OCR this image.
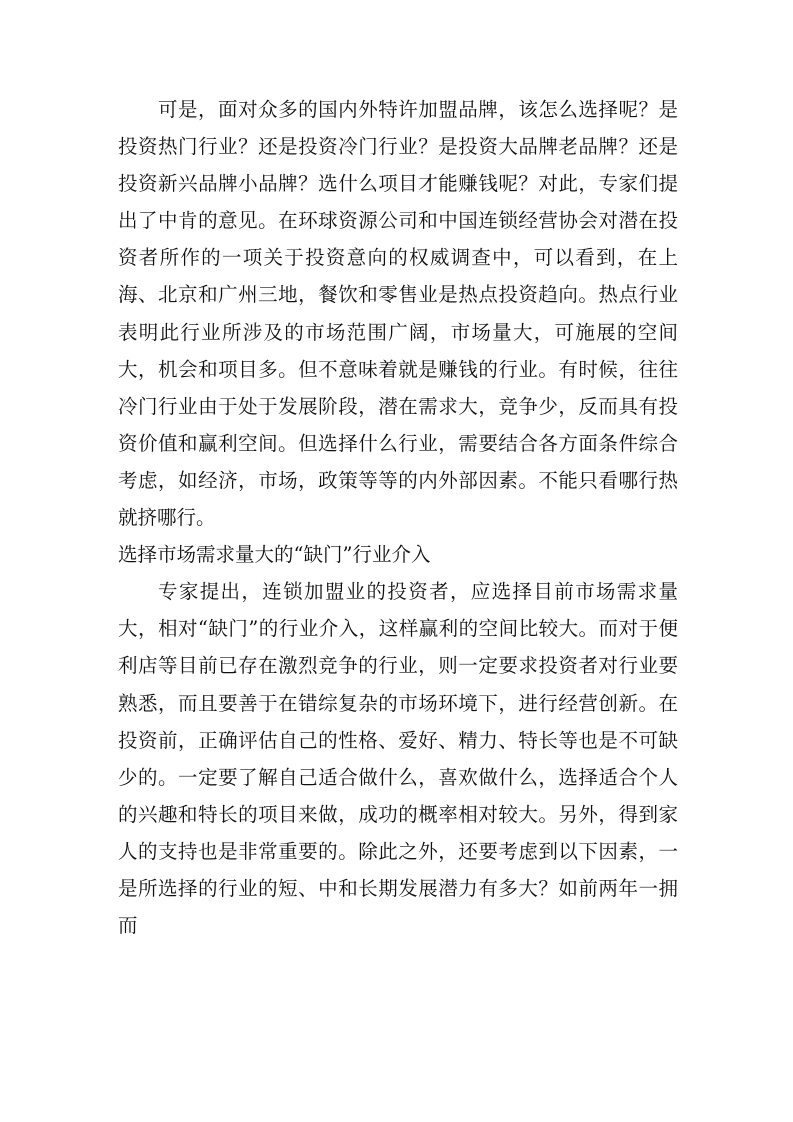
可是，面对众多的国内外特许加盟品牌，该怎么选择呢？是投资热门行业？还是投资冷门行业？是投资大品牌老品牌？还是投资新兴品牌小品牌？选什么项目才能赚钱呢？对此，专家们提出了中肯的意见。在环球资源公司和中国连锁经营协会对潜在投资者所作的一项关于投资意向的权威调查中，可以看到，在上海、北京和广州三地，餐饮和零售业是热点投资趋向。热点行业表明此行业所涉及的市场范围广阔，市场量大，可施展的空间大，机会和项目多。但不意味着就是赚钱的行业。有时候，往往冷门行业由于处于发展阶段，潜在需求大，竞争少，反而具有投资价值和赢利空间。但选择什么行业，需要结合各方面条件综合考虑，如经济，市场，政策等等的内外部因素。不能只看哪行热就挤哪行。

选择市场需求量大的“缺门”行业介入

专家提出，连锁加盟业的投资者，应选择目前市场需求量大，相对“缺门”的行业介入，这样赢利的空间比较大。而对于便利店等目前已存在激烈竞争的行业，则一定要求投资者对行业要熟悉，而且要善于在错综复杂的市场环境下，进行经营创新。在投资前，正确评估自己的性格、爱好、精力、特长等也是不可缺少的。一定要了解自己适合做什么，喜欢做什么，选择适合个人的兴趣和特长的项目来做，成功的概率相对较大。另外，得到家人的支持也是非常重要的。除此之外，还要考虑到以下因素，一是所选择的行业的短、中和长期发展潜力有多大？如前两年一拥而
